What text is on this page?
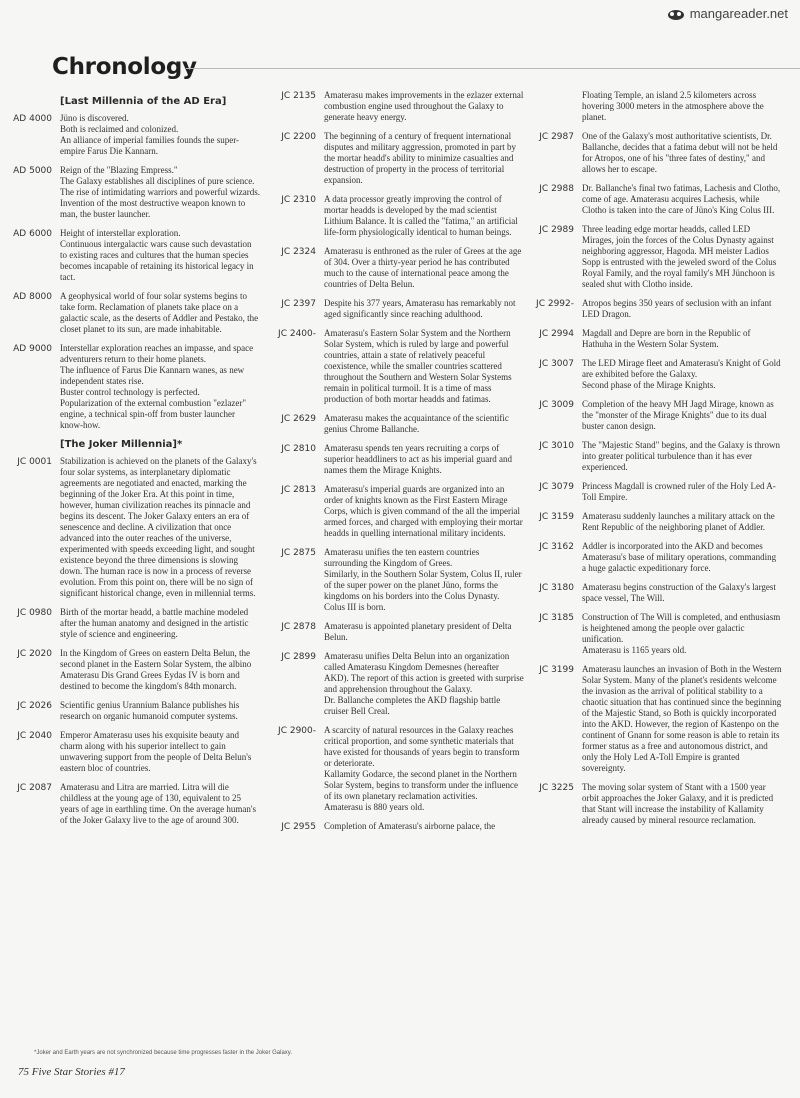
mangareader.net
Chronology
[Last Millennia of the AD Era]
AD 4000 Jüno is discovered.
Both is reclaimed and colonized.
An alliance of imperial families founds the super-empire Farus Die Kannarn.
AD 5000 Reign of the "Blazing Empress."
The Galaxy establishes all disciplines of pure science.
The rise of intimidating warriors and powerful wizards.
Invention of the most destructive weapon known to man, the buster launcher.
AD 6000 Height of interstellar exploration.
Continuous intergalactic wars cause such devastation to existing races and cultures that the human species becomes incapable of retaining its historical legacy in tact.
AD 8000 A geophysical world of four solar systems begins to take form. Reclamation of planets take place on a galactic scale, as the deserts of Addler and Pestako, the closet planet to its sun, are made inhabitable.
AD 9000 Interstellar exploration reaches an impasse, and space adventurers return to their home planets.
The influence of Farus Die Kannarn wanes, as new independent states rise.
Buster control technology is perfected.
Popularization of the external combustion "ezlazer" engine, a technical spin-off from buster launcher know-how.
[The Joker Millennia]*
JC 0001 Stabilization is achieved on the planets of the Galaxy's four solar systems, as interplanetary diplomatic agreements are negotiated and enacted, marking the beginning of the Joker Era. At this point in time, however, human civilization reaches its pinnacle and begins its descent. The Joker Galaxy enters an era of senescence and decline. A civilization that once advanced into the outer reaches of the universe, experimented with speeds exceeding light, and sought existence beyond the three dimensions is slowing down. The human race is now in a process of reverse evolution. From this point on, there will be no sign of significant historical change, even in millennial terms.
JC 0980 Birth of the mortar headd, a battle machine modeled after the human anatomy and designed in the artistic style of science and engineering.
JC 2020 In the Kingdom of Grees on eastern Delta Belun, the second planet in the Eastern Solar System, the albino Amaterasu Dis Grand Grees Eydas IV is born and destined to become the kingdom's 84th monarch.
JC 2026 Scientific genius Urannium Balance publishes his research on organic humanoid computer systems.
JC 2040 Emperor Amaterasu uses his exquisite beauty and charm along with his superior intellect to gain unwavering support from the people of Delta Belun's eastern bloc of countries.
JC 2087 Amaterasu and Litra are married. Litra will die childless at the young age of 130, equivalent to 25 years of age in earthling time. On the average human's of the Joker Galaxy live to the age of around 300.
JC 2135 Amaterasu makes improvements in the ezlazer external combustion engine used throughout the Galaxy to generate heavy energy.
JC 2200 The beginning of a century of frequent international disputes and military aggression, promoted in part by the mortar headd's ability to minimize casualties and destruction of property in the process of territorial expansion.
JC 2310 A data processor greatly improving the control of mortar headds is developed by the mad scientist Lithium Balance. It is called the "fatima," an artificial life-form physiologically identical to human beings.
JC 2324 Amaterasu is enthroned as the ruler of Grees at the age of 304. Over a thirty-year period he has contributed much to the cause of international peace among the countries of Delta Belun.
JC 2397 Despite his 377 years, Amaterasu has remarkably not aged significantly since reaching adulthood.
JC 2400- Amaterasu's Eastern Solar System and the Northern Solar System, which is ruled by large and powerful countries, attain a state of relatively peaceful coexistence, while the smaller countries scattered throughout the Southern and Western Solar Systems remain in political turmoil. It is a time of mass production of both mortar headds and fatimas.
JC 2629 Amaterasu makes the acquaintance of the scientific genius Chrome Ballanche.
JC 2810 Amaterasu spends ten years recruiting a corps of superior headdliners to act as his imperial guard and names them the Mirage Knights.
JC 2813 Amaterasu's imperial guards are organized into an order of knights known as the First Eastern Mirage Corps, which is given command of the all the imperial armed forces, and charged with employing their mortar headds in quelling international military incidents.
JC 2875 Amaterasu unifies the ten eastern countries surrounding the Kingdom of Grees.
Similarly, in the Southern Solar System, Colus II, ruler of the super power on the planet Jüno, forms the kingdoms on his borders into the Colus Dynasty.
Colus III is born.
JC 2878 Amaterasu is appointed planetary president of Delta Belun.
JC 2899 Amaterasu unifies Delta Belun into an organization called Amaterasu Kingdom Demesnes (hereafter AKD). The report of this action is greeted with surprise and apprehension throughout the Galaxy.
Dr. Ballanche completes the AKD flagship battle cruiser Bell Creal.
JC 2900- A scarcity of natural resources in the Galaxy reaches critical proportion, and some synthetic materials that have existed for thousands of years begin to transform or deteriorate.
Kallamity Godarce, the second planet in the Northern Solar System, begins to transform under the influence of its own planetary reclamation activities.
Amaterasu is 880 years old.
JC 2955 Completion of Amaterasu's airborne palace, the
Floating Temple, an island 2.5 kilometers across hovering 3000 meters in the atmosphere above the planet.
JC 2987 One of the Galaxy's most authoritative scientists, Dr. Ballanche, decides that a fatima debut will not be held for Atropos, one of his "three fates of destiny," and allows her to escape.
JC 2988 Dr. Ballanche's final two fatimas, Lachesis and Clotho, come of age. Amaterasu acquires Lachesis, while Clotho is taken into the care of Jüno's King Colus III.
JC 2989 Three leading edge mortar headds, called LED Mirages, join the forces of the Colus Dynasty against neighboring aggressor, Hagoda. MH meister Ladios Sopp is entrusted with the jeweled sword of the Colus Royal Family, and the royal family's MH Jünchoon is sealed shut with Clotho inside.
JC 2992- Atropos begins 350 years of seclusion with an infant LED Dragon.
JC 2994 Magdall and Depre are born in the Republic of Hathuha in the Western Solar System.
JC 3007 The LED Mirage fleet and Amaterasu's Knight of Gold are exhibited before the Galaxy.
Second phase of the Mirage Knights.
JC 3009 Completion of the heavy MH Jagd Mirage, known as the "monster of the Mirage Knights" due to its dual buster canon design.
JC 3010 The "Majestic Stand" begins, and the Galaxy is thrown into greater political turbulence than it has ever experienced.
JC 3079 Princess Magdall is crowned ruler of the Holy Led A-Toll Empire.
JC 3159 Amaterasu suddenly launches a military attack on the Rent Republic of the neighboring planet of Addler.
JC 3162 Addler is incorporated into the AKD and becomes Amaterasu's base of military operations, commanding a huge galactic expeditionary force.
JC 3180 Amaterasu begins construction of the Galaxy's largest space vessel, The Will.
JC 3185 Construction of The Will is completed, and enthusiasm is heightened among the people over galactic unification.
Amaterasu is 1165 years old.
JC 3199 Amaterasu launches an invasion of Both in the Western Solar System. Many of the planet's residents welcome the invasion as the arrival of political stability to a chaotic situation that has continued since the beginning of the Majestic Stand, so Both is quickly incorporated into the AKD. However, the region of Kastenpo on the continent of Gnann for some reason is able to retain its former status as a free and autonomous district, and only the Holy Led A-Toll Empire is granted sovereignty.
JC 3225 The moving solar system of Stant with a 1500 year orbit approaches the Joker Galaxy, and it is predicted that Stant will increase the instability of Kallamity already caused by mineral resource reclamation.
*Joker and Earth years are not synchronized because time progresses faster in the Joker Galaxy.
75 Five Star Stories #17
